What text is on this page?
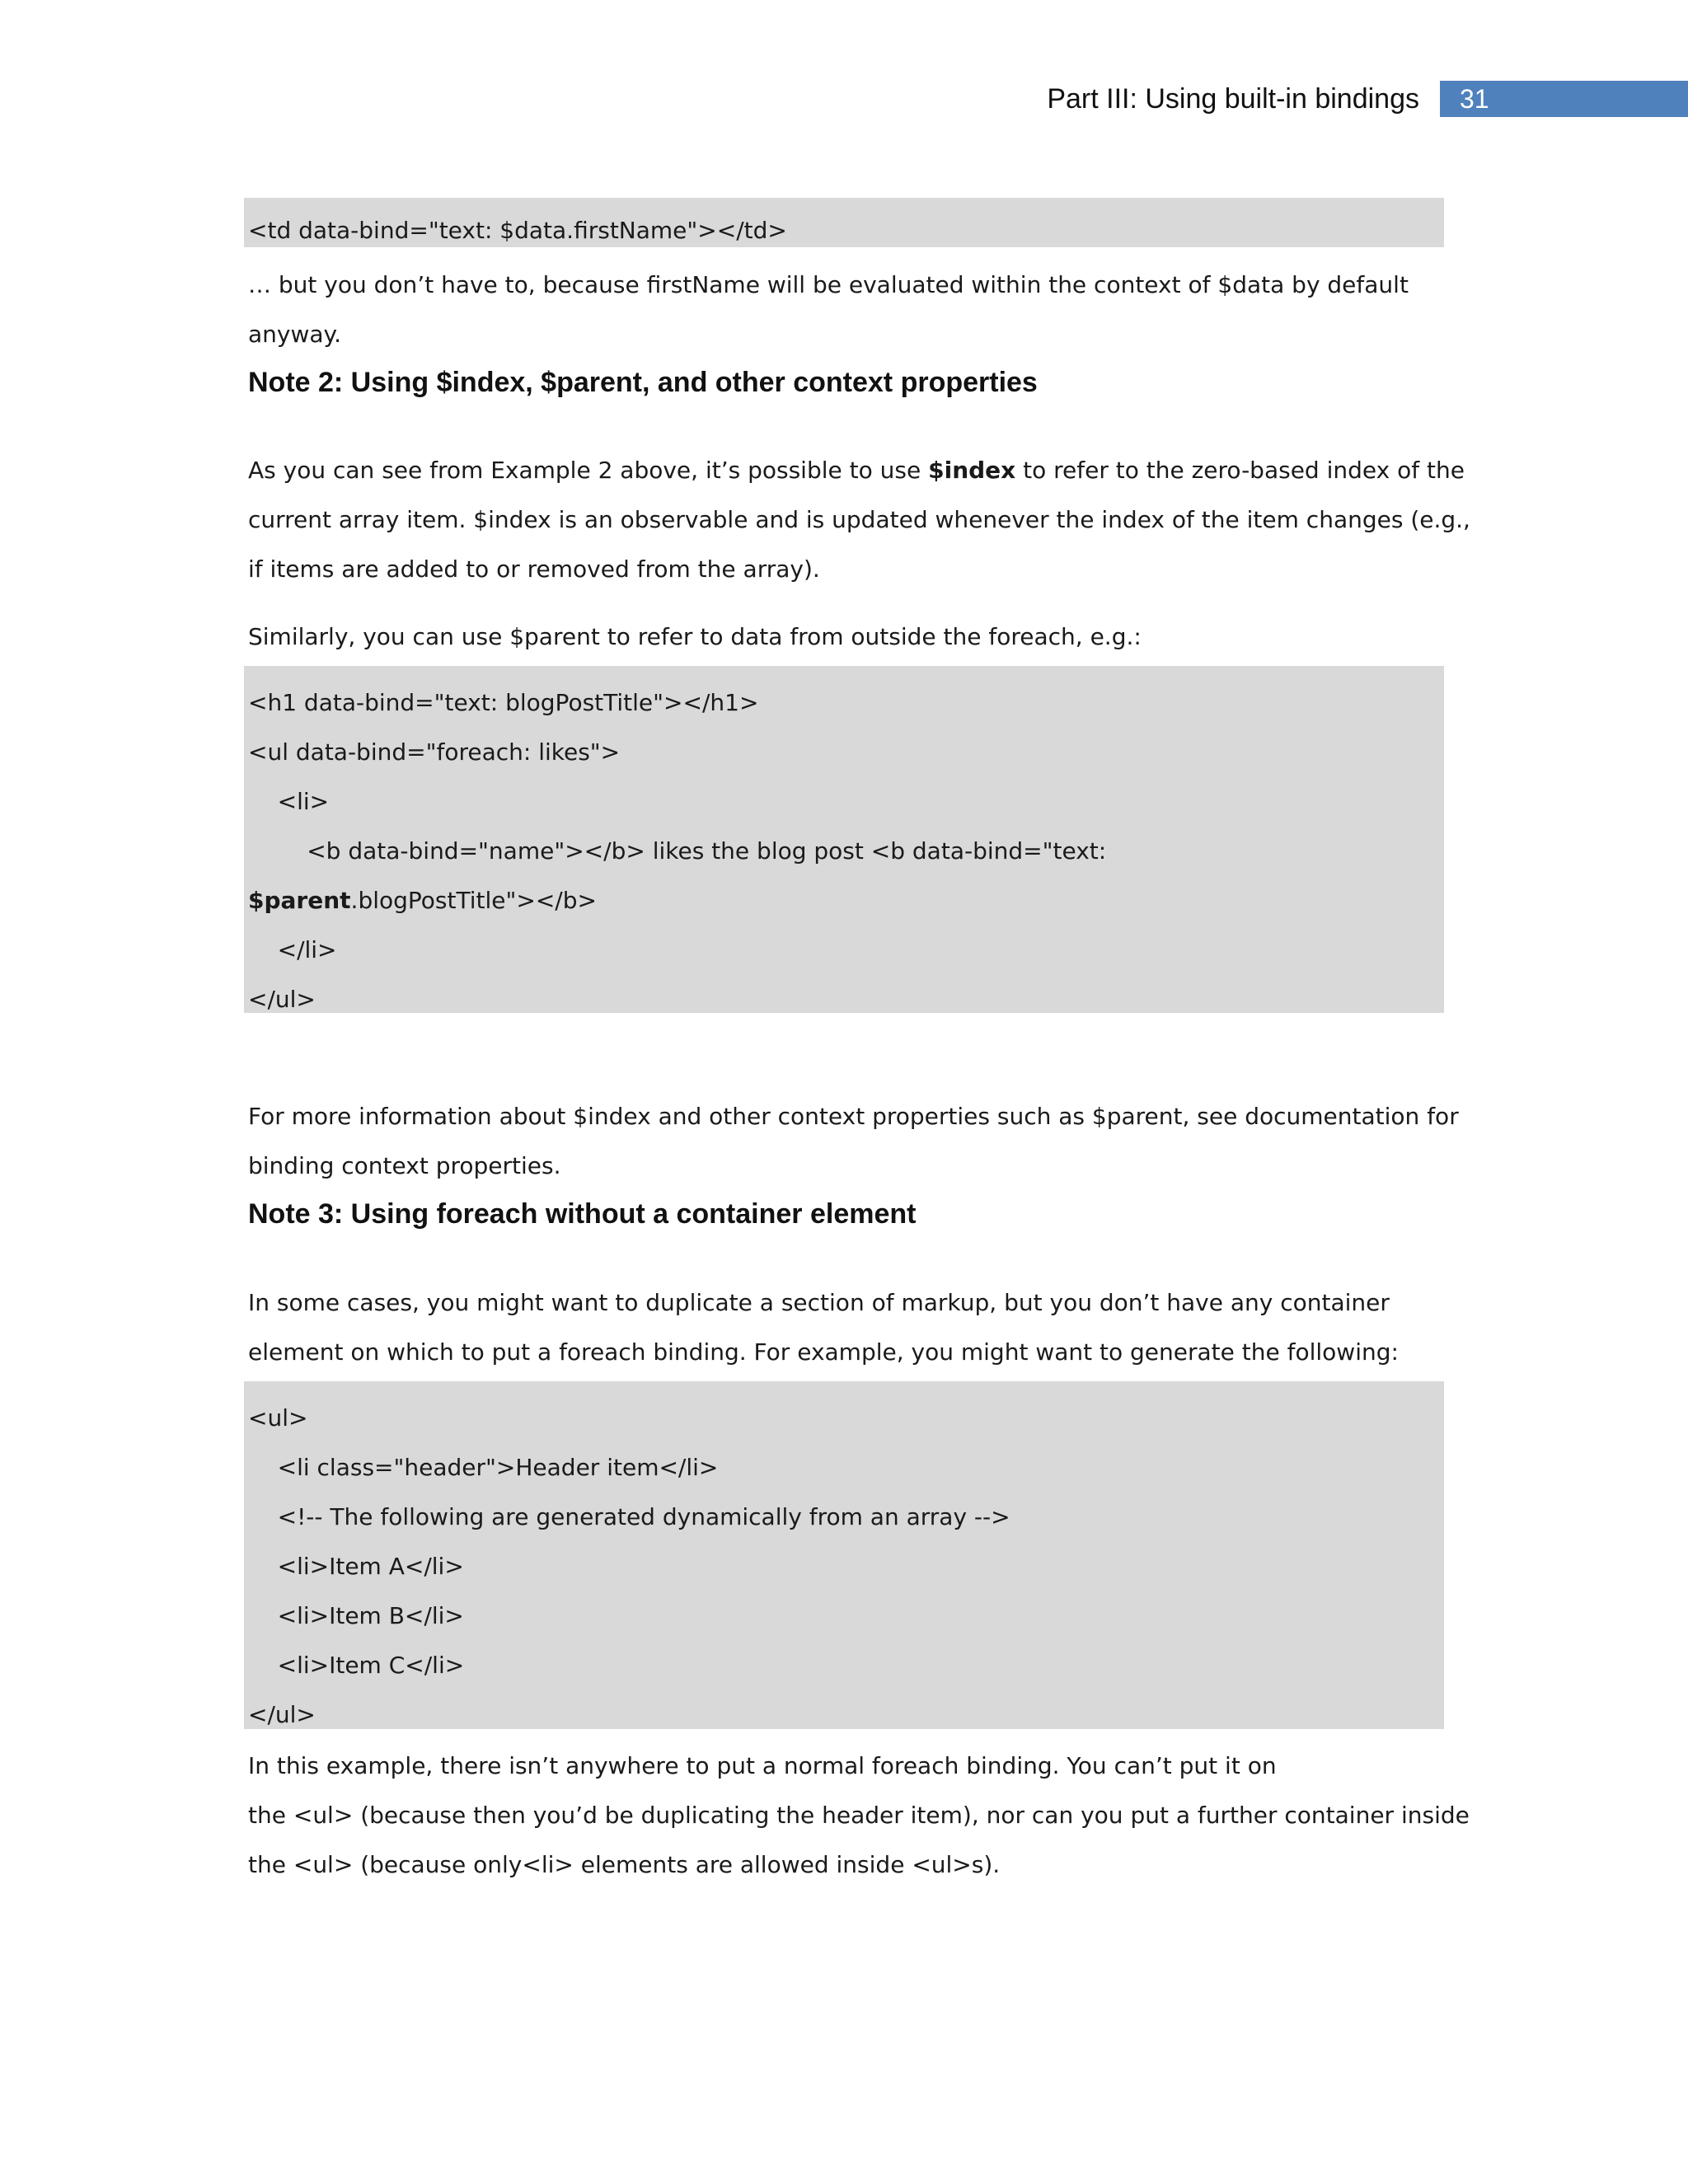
Part III: Using built-in bindings 31
<td data-bind="text: $data.firstName"></td>
… but you don’t have to, because firstName will be evaluated within the context of $data by default
anyway.
Note 2: Using $index, $parent, and other context properties
As you can see from Example 2 above, it’s possible to use $index to refer to the zero-based index of the
current array item. $index is an observable and is updated whenever the index of the item changes (e.g.,
if items are added to or removed from the array).
Similarly, you can use $parent to refer to data from outside the foreach, e.g.:
<h1 data-bind="text: blogPostTitle"></h1>
<ul data-bind="foreach: likes">
<li>
<b data-bind="name"></b> likes the blog post <b data-bind="text:
$parent.blogPostTitle"></b>
</li>
</ul>
For more information about $index and other context properties such as $parent, see documentation for
binding context properties.
Note 3: Using foreach without a container element
In some cases, you might want to duplicate a section of markup, but you don’t have any container
element on which to put a foreach binding. For example, you might want to generate the following:
<ul>
<li class="header">Header item</li>
<!-- The following are generated dynamically from an array -->
<li>Item A</li>
<li>Item B</li>
<li>Item C</li>
</ul>
In this example, there isn’t anywhere to put a normal foreach binding. You can’t put it on
the <ul> (because then you’d be duplicating the header item), nor can you put a further container inside
the <ul> (because only<li> elements are allowed inside <ul>s).
